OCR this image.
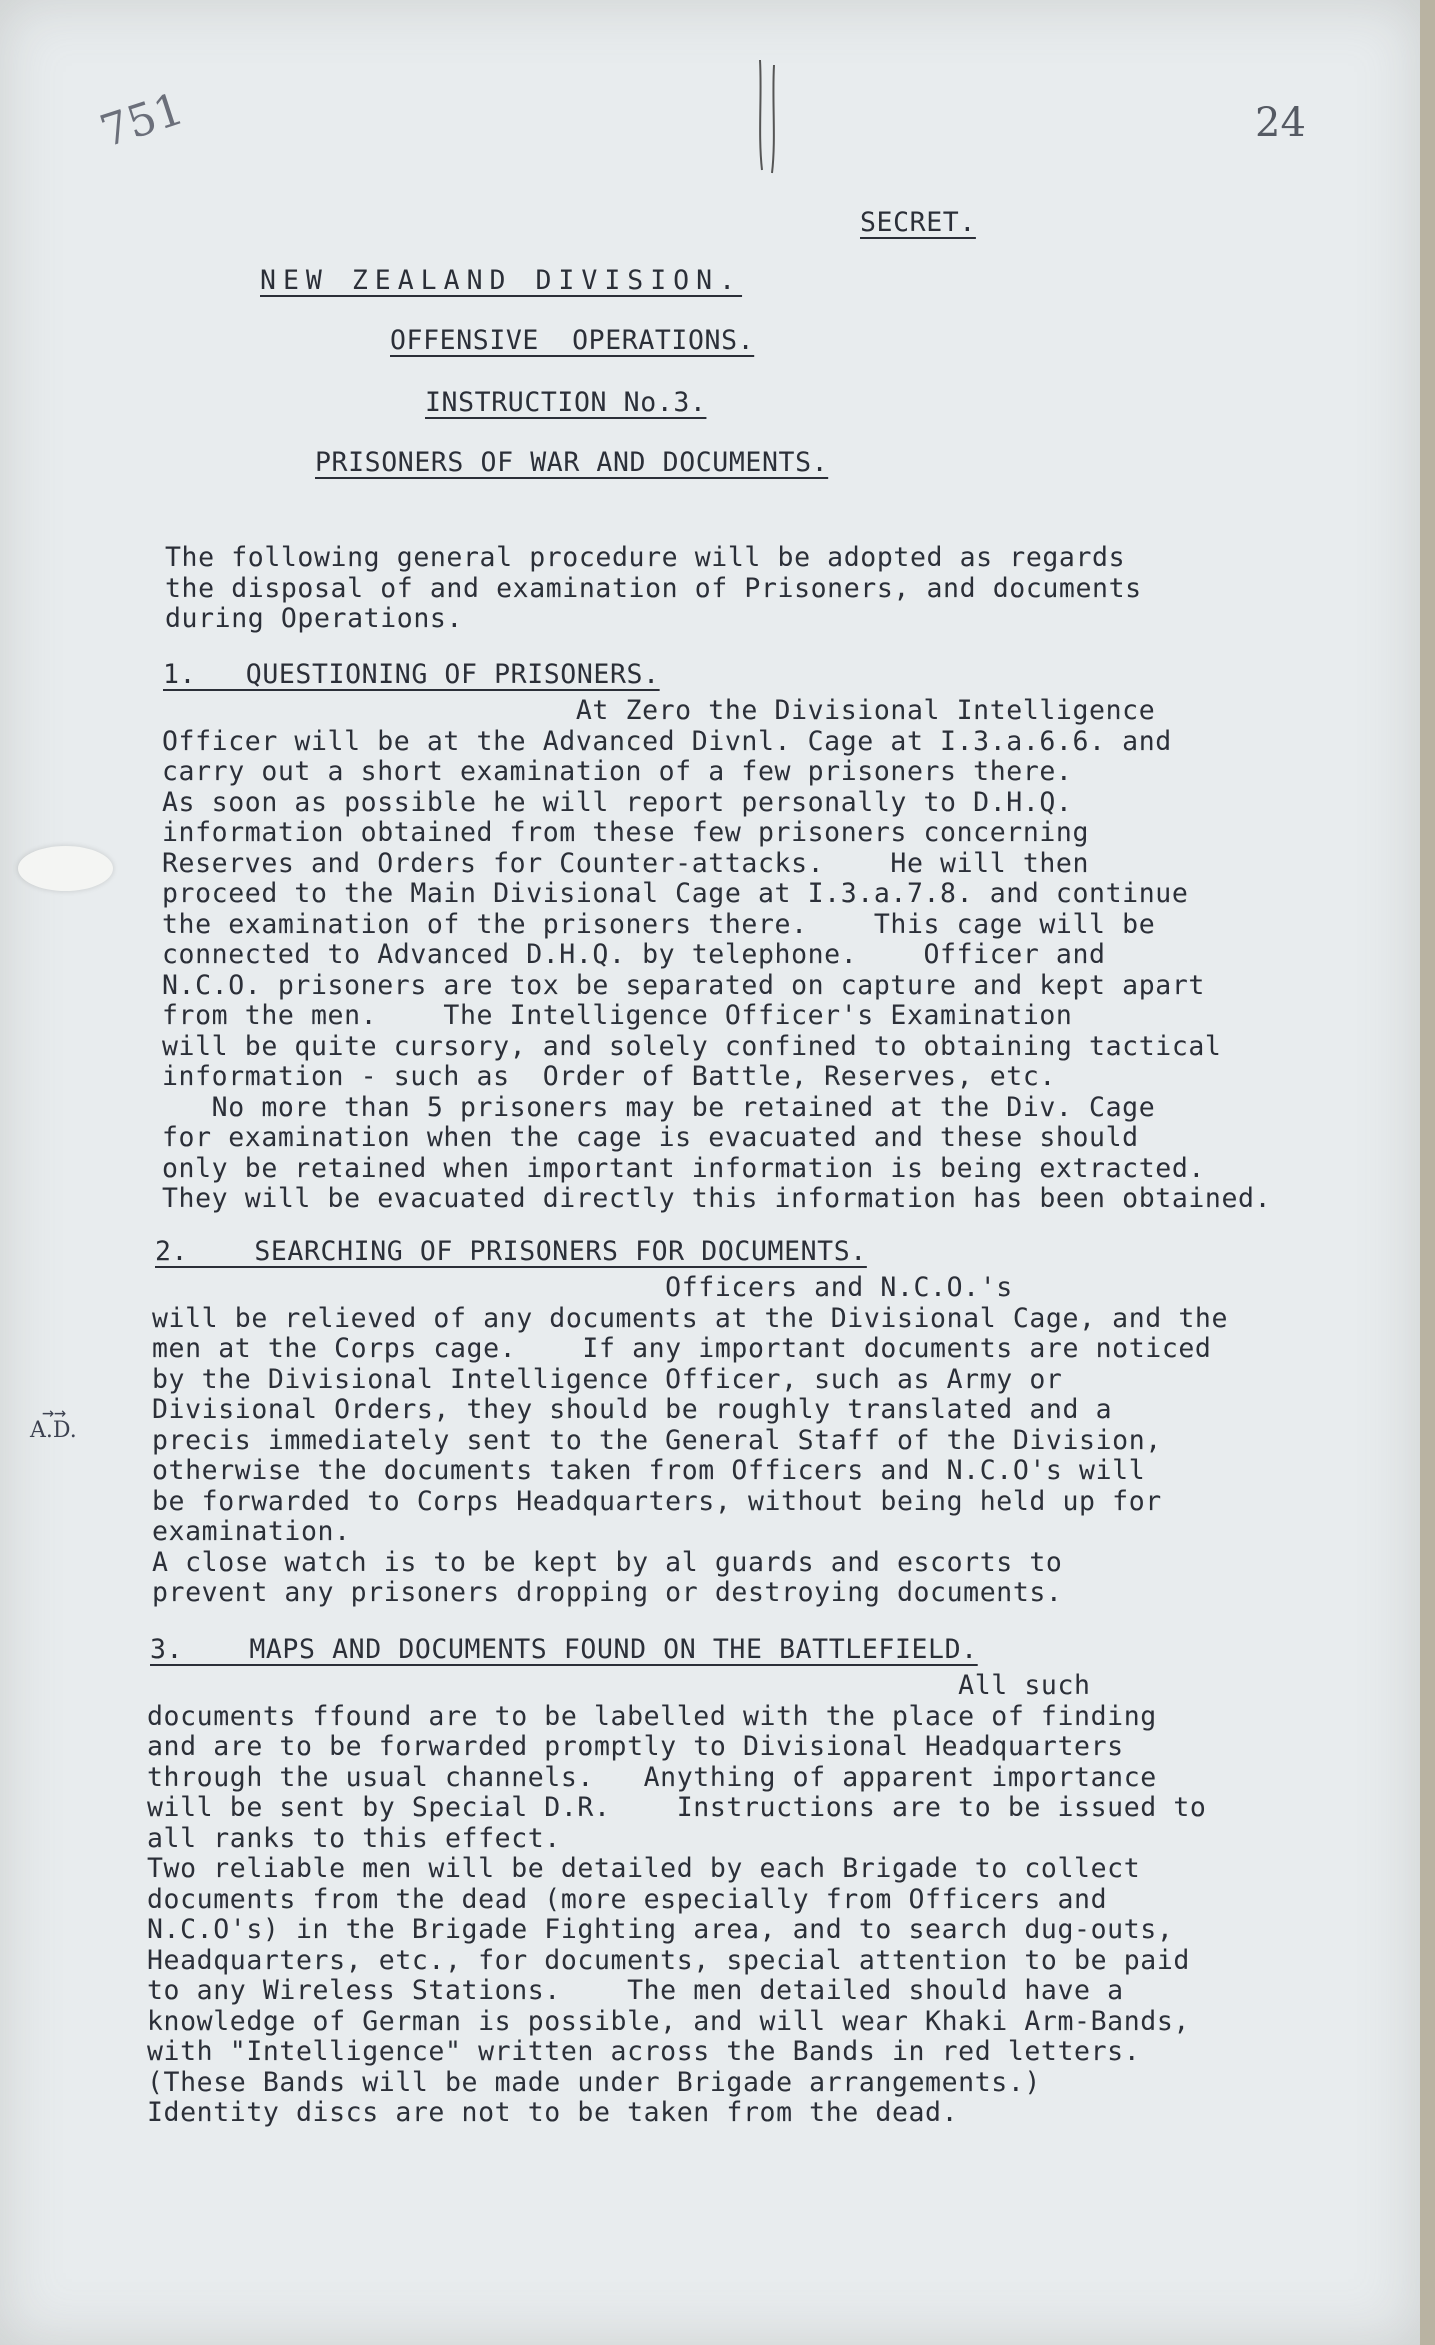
751	24
SECRET.
NEW ZEALAND DIVISION.
OFFENSIVE  OPERATIONS.
INSTRUCTION No.3.
PRISONERS OF WAR AND DOCUMENTS.
The following general procedure will be adopted as regards
the disposal of and examination of Prisoners, and documents
during Operations.
1.   QUESTIONING OF PRISONERS.
At Zero the Divisional Intelligence
Officer will be at the Advanced Divnl. Cage at I.3.a.6.6. and
carry out a short examination of a few prisoners there.
As soon as possible he will report personally to D.H.Q.
information obtained from these few prisoners concerning
Reserves and Orders for Counter-attacks.    He will then
proceed to the Main Divisional Cage at I.3.a.7.8. and continue
the examination of the prisoners there.    This cage will be
connected to Advanced D.H.Q. by telephone.    Officer and
N.C.O. prisoners are tox be separated on capture and kept apart
from the men.    The Intelligence Officer's Examination
will be quite cursory, and solely confined to obtaining tactical
information - such as  Order of Battle, Reserves, etc.
No more than 5 prisoners may be retained at the Div. Cage
for examination when the cage is evacuated and these should
only be retained when important information is being extracted.
They will be evacuated directly this information has been obtained.
2.    SEARCHING OF PRISONERS FOR DOCUMENTS.
Officers and N.C.O.'s
will be relieved of any documents at the Divisional Cage, and the
men at the Corps cage.    If any important documents are noticed
by the Divisional Intelligence Officer, such as Army or
Divisional Orders, they should be roughly translated and a
precis immediately sent to the General Staff of the Division,
otherwise the documents taken from Officers and N.C.O's will
be forwarded to Corps Headquarters, without being held up for
examination.
A close watch is to be kept by al guards and escorts to
prevent any prisoners dropping or destroying documents.
→→
A.D.
3.    MAPS AND DOCUMENTS FOUND ON THE BATTLEFIELD.
All such
documents ffound are to be labelled with the place of finding
and are to be forwarded promptly to Divisional Headquarters
through the usual channels.   Anything of apparent importance
will be sent by Special D.R.    Instructions are to be issued to
all ranks to this effect.
Two reliable men will be detailed by each Brigade to collect
documents from the dead (more especially from Officers and
N.C.O's) in the Brigade Fighting area, and to search dug-outs,
Headquarters, etc., for documents, special attention to be paid
to any Wireless Stations.    The men detailed should have a
knowledge of German is possible, and will wear Khaki Arm-Bands,
with "Intelligence" written across the Bands in red letters.
(These Bands will be made under Brigade arrangements.)
Identity discs are not to be taken from the dead.
